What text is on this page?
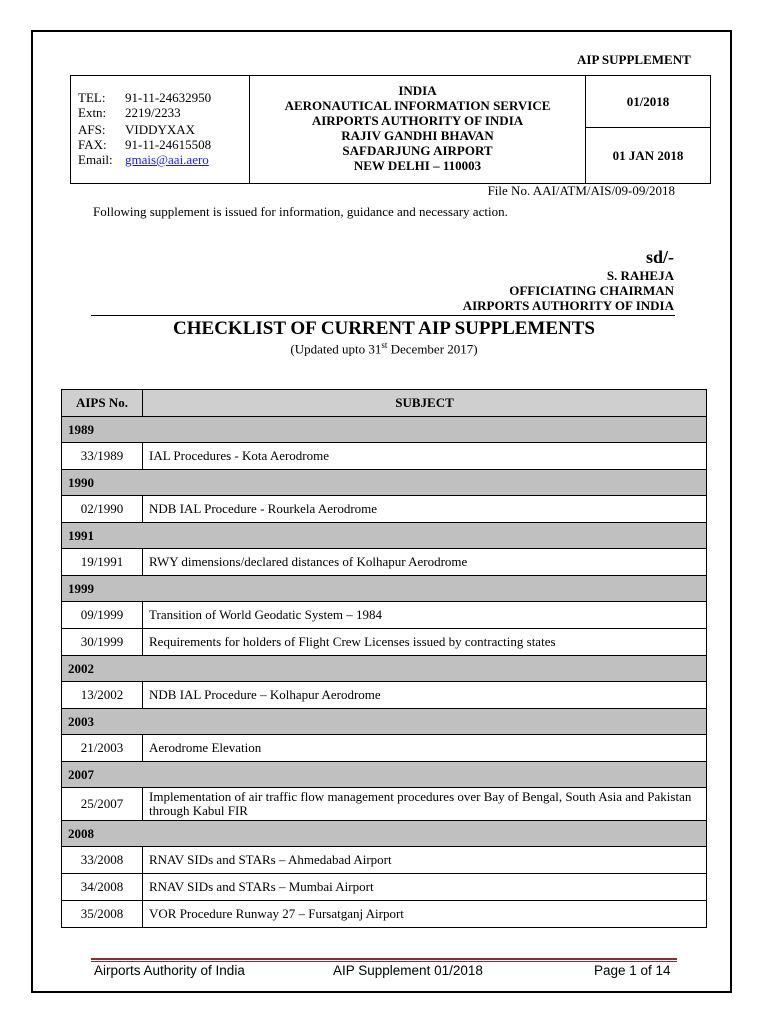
AIP SUPPLEMENT
TEL: 91-11-24632950
Extn: 2219/2233
AFS: VIDDYXAX
FAX: 91-11-24615508
Email: gmais@aai.aero
INDIA
AERONAUTICAL INFORMATION SERVICE
AIRPORTS AUTHORITY OF INDIA
RAJIV GANDHI BHAVAN
SAFDARJUNG AIRPORT
NEW DELHI – 110003
01/2018
01 JAN 2018
File No. AAI/ATM/AIS/09-09/2018
Following supplement is issued for information, guidance and necessary action.
sd/-
S. RAHEJA
OFFICIATING CHAIRMAN
AIRPORTS AUTHORITY OF INDIA
CHECKLIST OF CURRENT AIP SUPPLEMENTS
(Updated upto 31st December 2017)
AIPS No.	SUBJECT
1989	
33/1989	IAL Procedures - Kota Aerodrome
1990	
02/1990	NDB IAL Procedure - Rourkela Aerodrome
1991	
19/1991	RWY dimensions/declared distances of Kolhapur Aerodrome
1999	
09/1999	Transition of World Geodatic System – 1984
30/1999	Requirements for holders of Flight Crew Licenses issued by contracting states
2002	
13/2002	NDB IAL Procedure – Kolhapur Aerodrome
2003	
21/2003	Aerodrome Elevation
2007	
25/2007	Implementation of air traffic flow management procedures over Bay of Bengal, South Asia and Pakistan through Kabul FIR
2008	
33/2008	RNAV SIDs and STARs – Ahmedabad Airport
34/2008	RNAV SIDs and STARs – Mumbai Airport
35/2008	VOR Procedure Runway 27 – Fursatganj Airport
Airports Authority of India	AIP Supplement 01/2018	Page 1 of 14
